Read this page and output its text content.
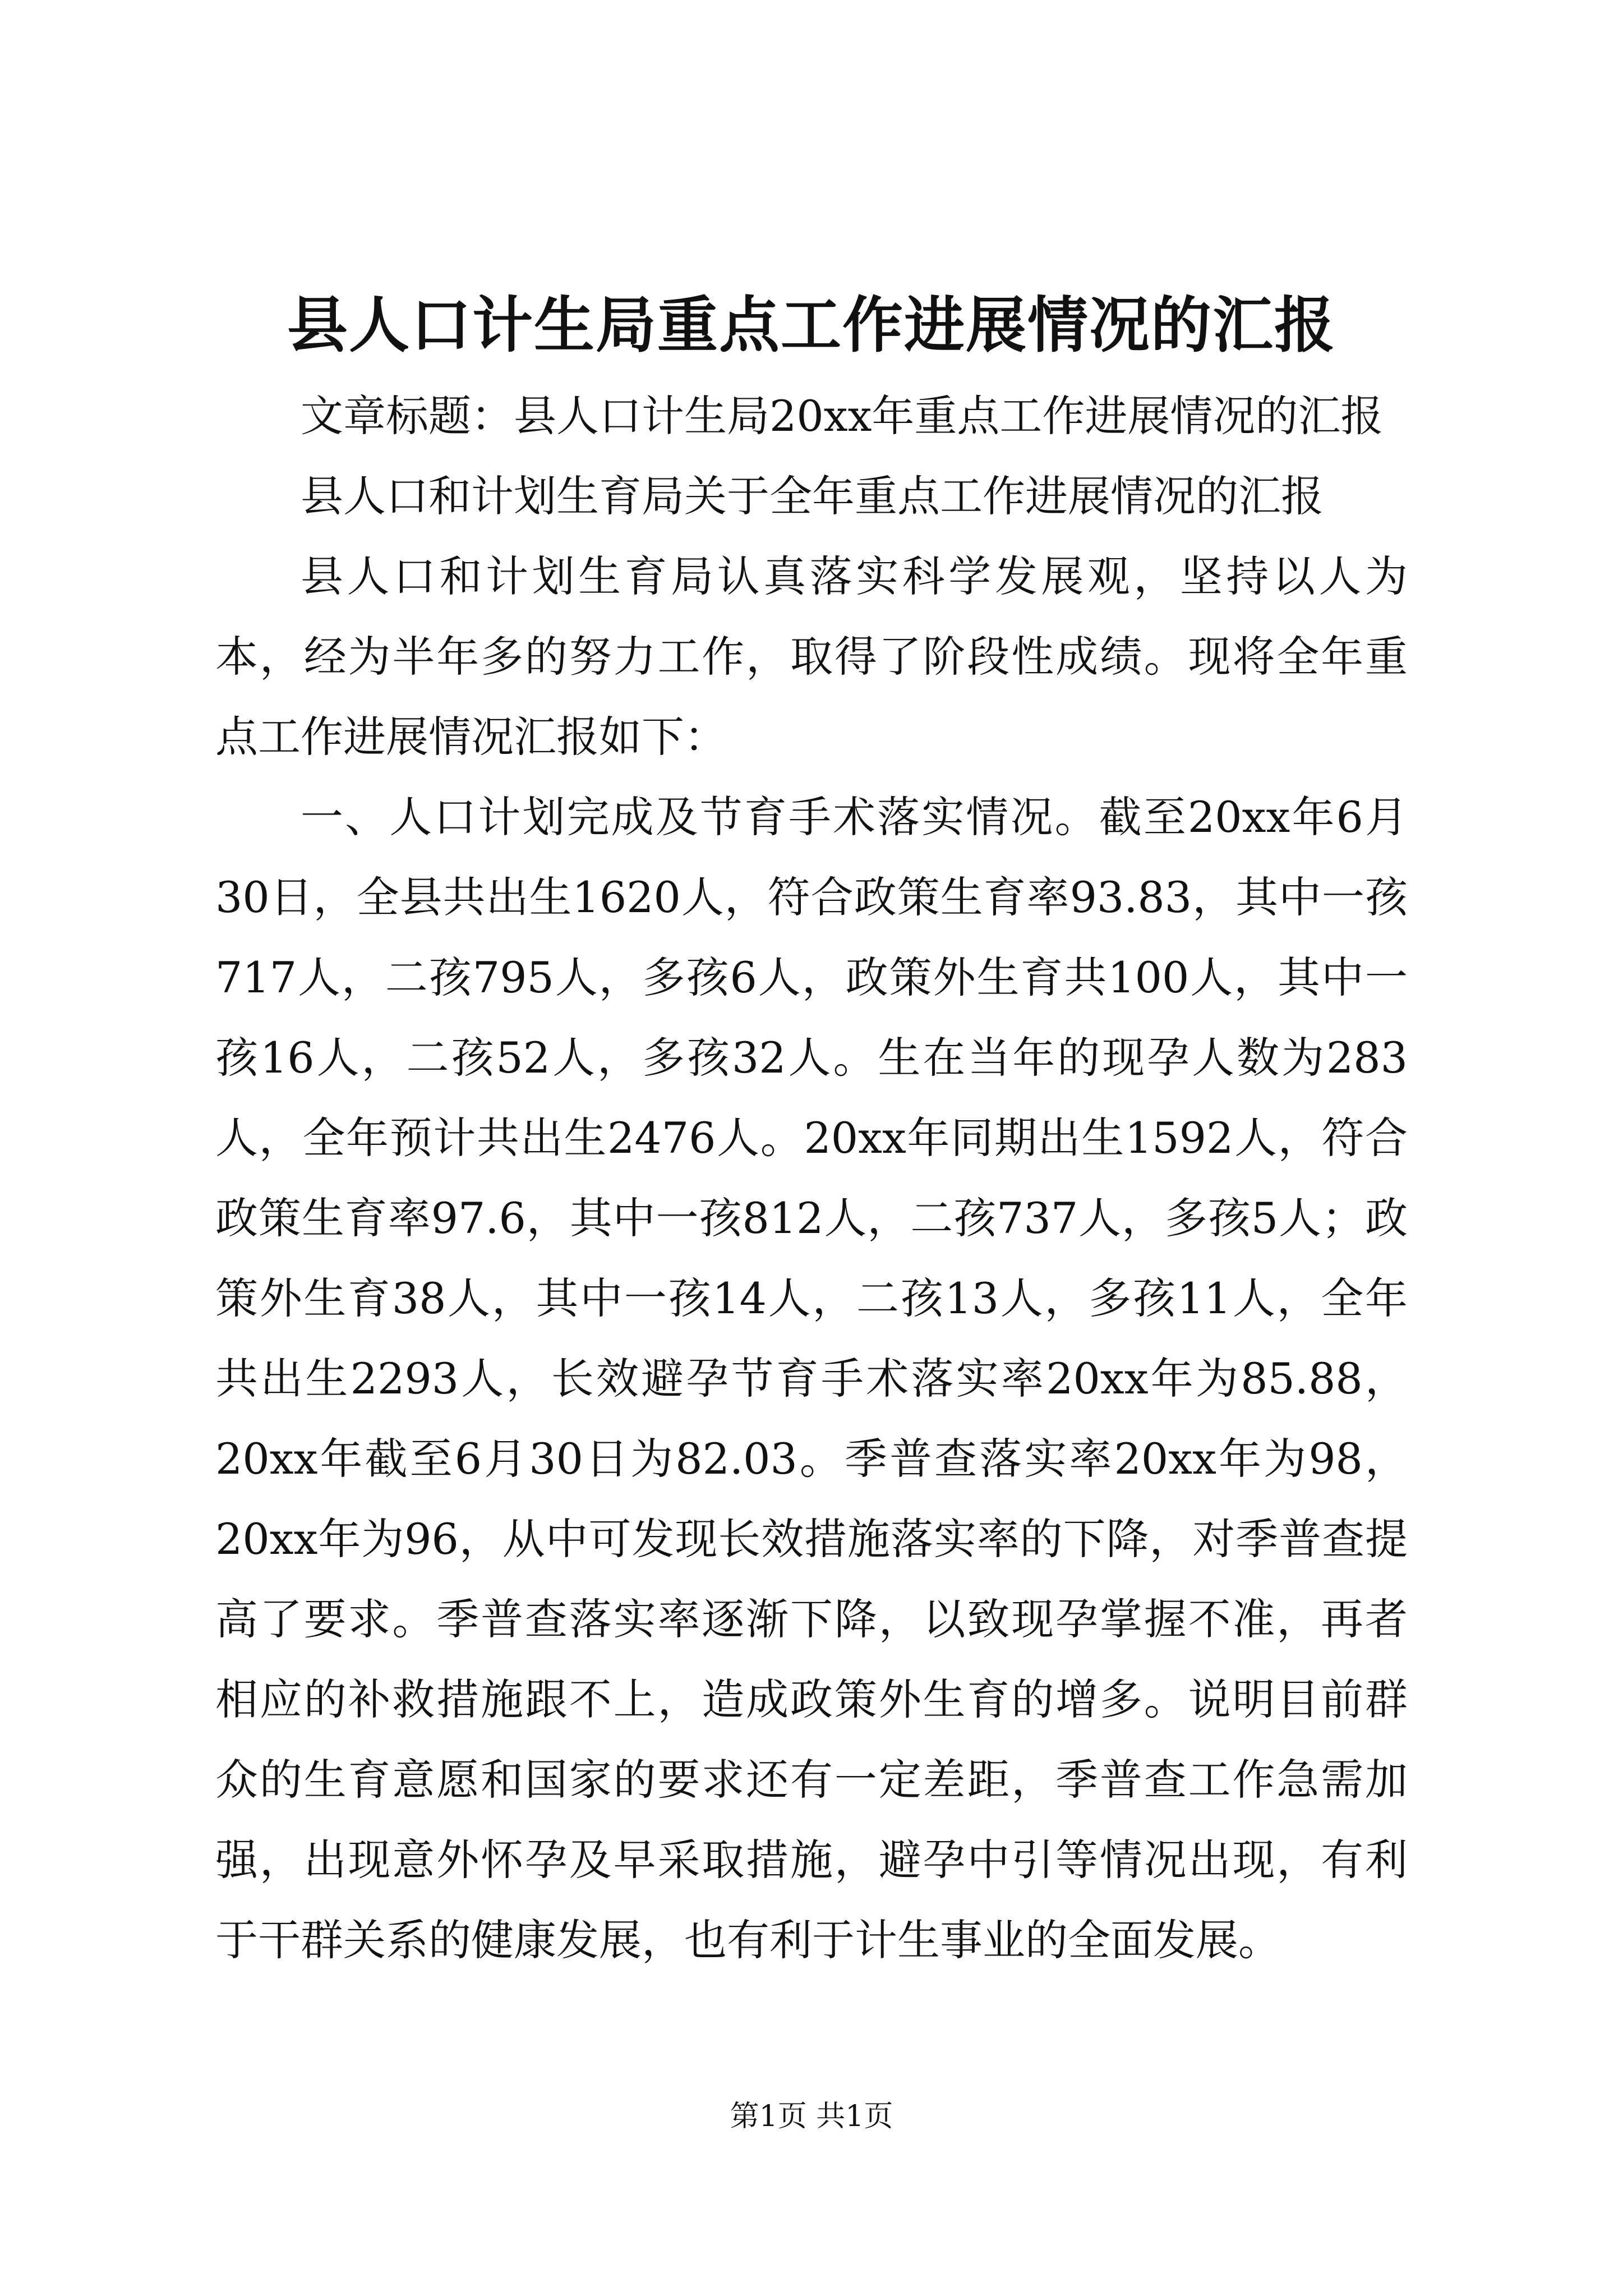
县人口计生局重点工作进展情况的汇报

文章标题：县人口计生局20xx年重点工作进展情况的汇报

县人口和计划生育局关于全年重点工作进展情况的汇报

县人口和计划生育局认真落实科学发展观，坚持以人为本，经为半年多的努力工作，取得了阶段性成绩。现将全年重点工作进展情况汇报如下：

一、人口计划完成及节育手术落实情况。截至20xx年6月30日，全县共出生1620人，符合政策生育率93.83，其中一孩717人，二孩795人，多孩6人，政策外生育共100人，其中一孩16人，二孩52人，多孩32人。生在当年的现孕人数为283人，全年预计共出生2476人。20xx年同期出生1592人，符合政策生育率97.6，其中一孩812人，二孩737人，多孩5人；政策外生育38人，其中一孩14人，二孩13人，多孩11人，全年共出生2293人，长效避孕节育手术落实率20xx年为85.88，20xx年截至6月30日为82.03。季普查落实率20xx年为98，20xx年为96，从中可发现长效措施落实率的下降，对季普查提高了要求。季普查落实率逐渐下降，以致现孕掌握不准，再者相应的补救措施跟不上，造成政策外生育的增多。说明目前群众的生育意愿和国家的要求还有一定差距，季普查工作急需加强，出现意外怀孕及早采取措施，避孕中引等情况出现，有利于干群关系的健康发展，也有利于计生事业的全面发展。

第1页 共1页
